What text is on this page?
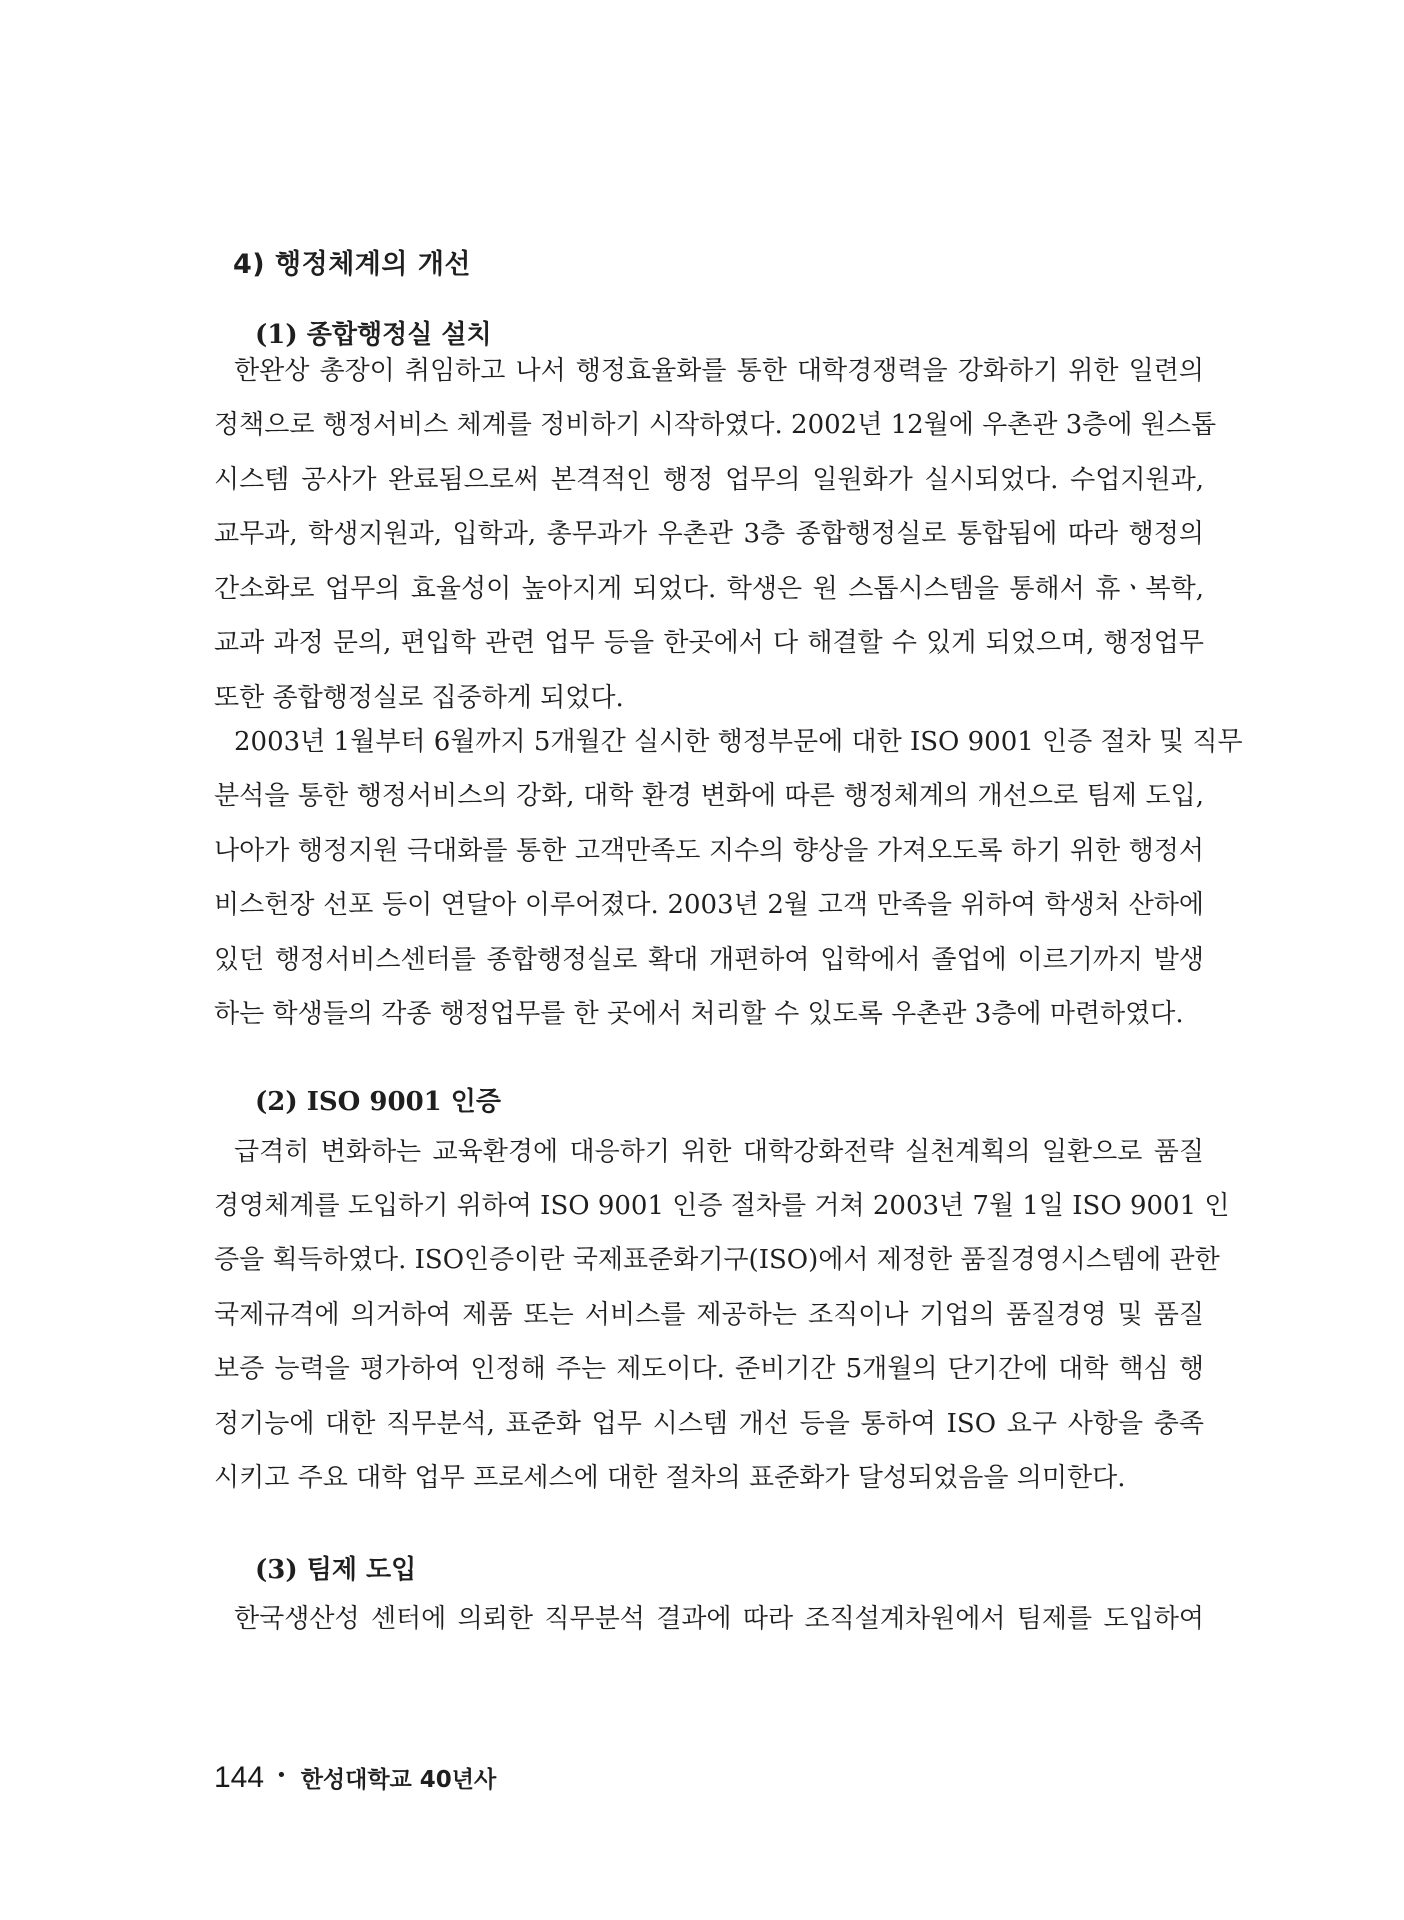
4) 행정체계의 개선
(1) 종합행정실 설치
한완상 총장이 취임하고 나서 행정효율화를 통한 대학경쟁력을 강화하기 위한 일련의
정책으로 행정서비스 체계를 정비하기 시작하였다. 2002년 12월에 우촌관 3층에 원스톱
시스템 공사가 완료됨으로써 본격적인 행정 업무의 일원화가 실시되었다. 수업지원과,
교무과, 학생지원과, 입학과, 총무과가 우촌관 3층 종합행정실로 통합됨에 따라 행정의
간소화로 업무의 효율성이 높아지게 되었다. 학생은 원 스톱시스템을 통해서 휴ㆍ복학,
교과 과정 문의, 편입학 관련 업무 등을 한곳에서 다 해결할 수 있게 되었으며, 행정업무
또한 종합행정실로 집중하게 되었다.
2003년 1월부터 6월까지 5개월간 실시한 행정부문에 대한 ISO 9001 인증 절차 및 직무
분석을 통한 행정서비스의 강화, 대학 환경 변화에 따른 행정체계의 개선으로 팀제 도입,
나아가 행정지원 극대화를 통한 고객만족도 지수의 향상을 가져오도록 하기 위한 행정서
비스헌장 선포 등이 연달아 이루어졌다. 2003년 2월 고객 만족을 위하여 학생처 산하에
있던 행정서비스센터를 종합행정실로 확대 개편하여 입학에서 졸업에 이르기까지 발생
하는 학생들의 각종 행정업무를 한 곳에서 처리할 수 있도록 우촌관 3층에 마련하였다.
(2) ISO 9001 인증
급격히 변화하는 교육환경에 대응하기 위한 대학강화전략 실천계획의 일환으로 품질
경영체계를 도입하기 위하여 ISO 9001 인증 절차를 거쳐 2003년 7월 1일 ISO 9001 인
증을 획득하였다. ISO인증이란 국제표준화기구(ISO)에서 제정한 품질경영시스템에 관한
국제규격에 의거하여 제품 또는 서비스를 제공하는 조직이나 기업의 품질경영 및 품질
보증 능력을 평가하여 인정해 주는 제도이다. 준비기간 5개월의 단기간에 대학 핵심 행
정기능에 대한 직무분석, 표준화 업무 시스템 개선 등을 통하여 ISO 요구 사항을 충족
시키고 주요 대학 업무 프로세스에 대한 절차의 표준화가 달성되었음을 의미한다.
(3) 팀제 도입
한국생산성 센터에 의뢰한 직무분석 결과에 따라 조직설계차원에서 팀제를 도입하여
144 • 한성대학교 40년사
